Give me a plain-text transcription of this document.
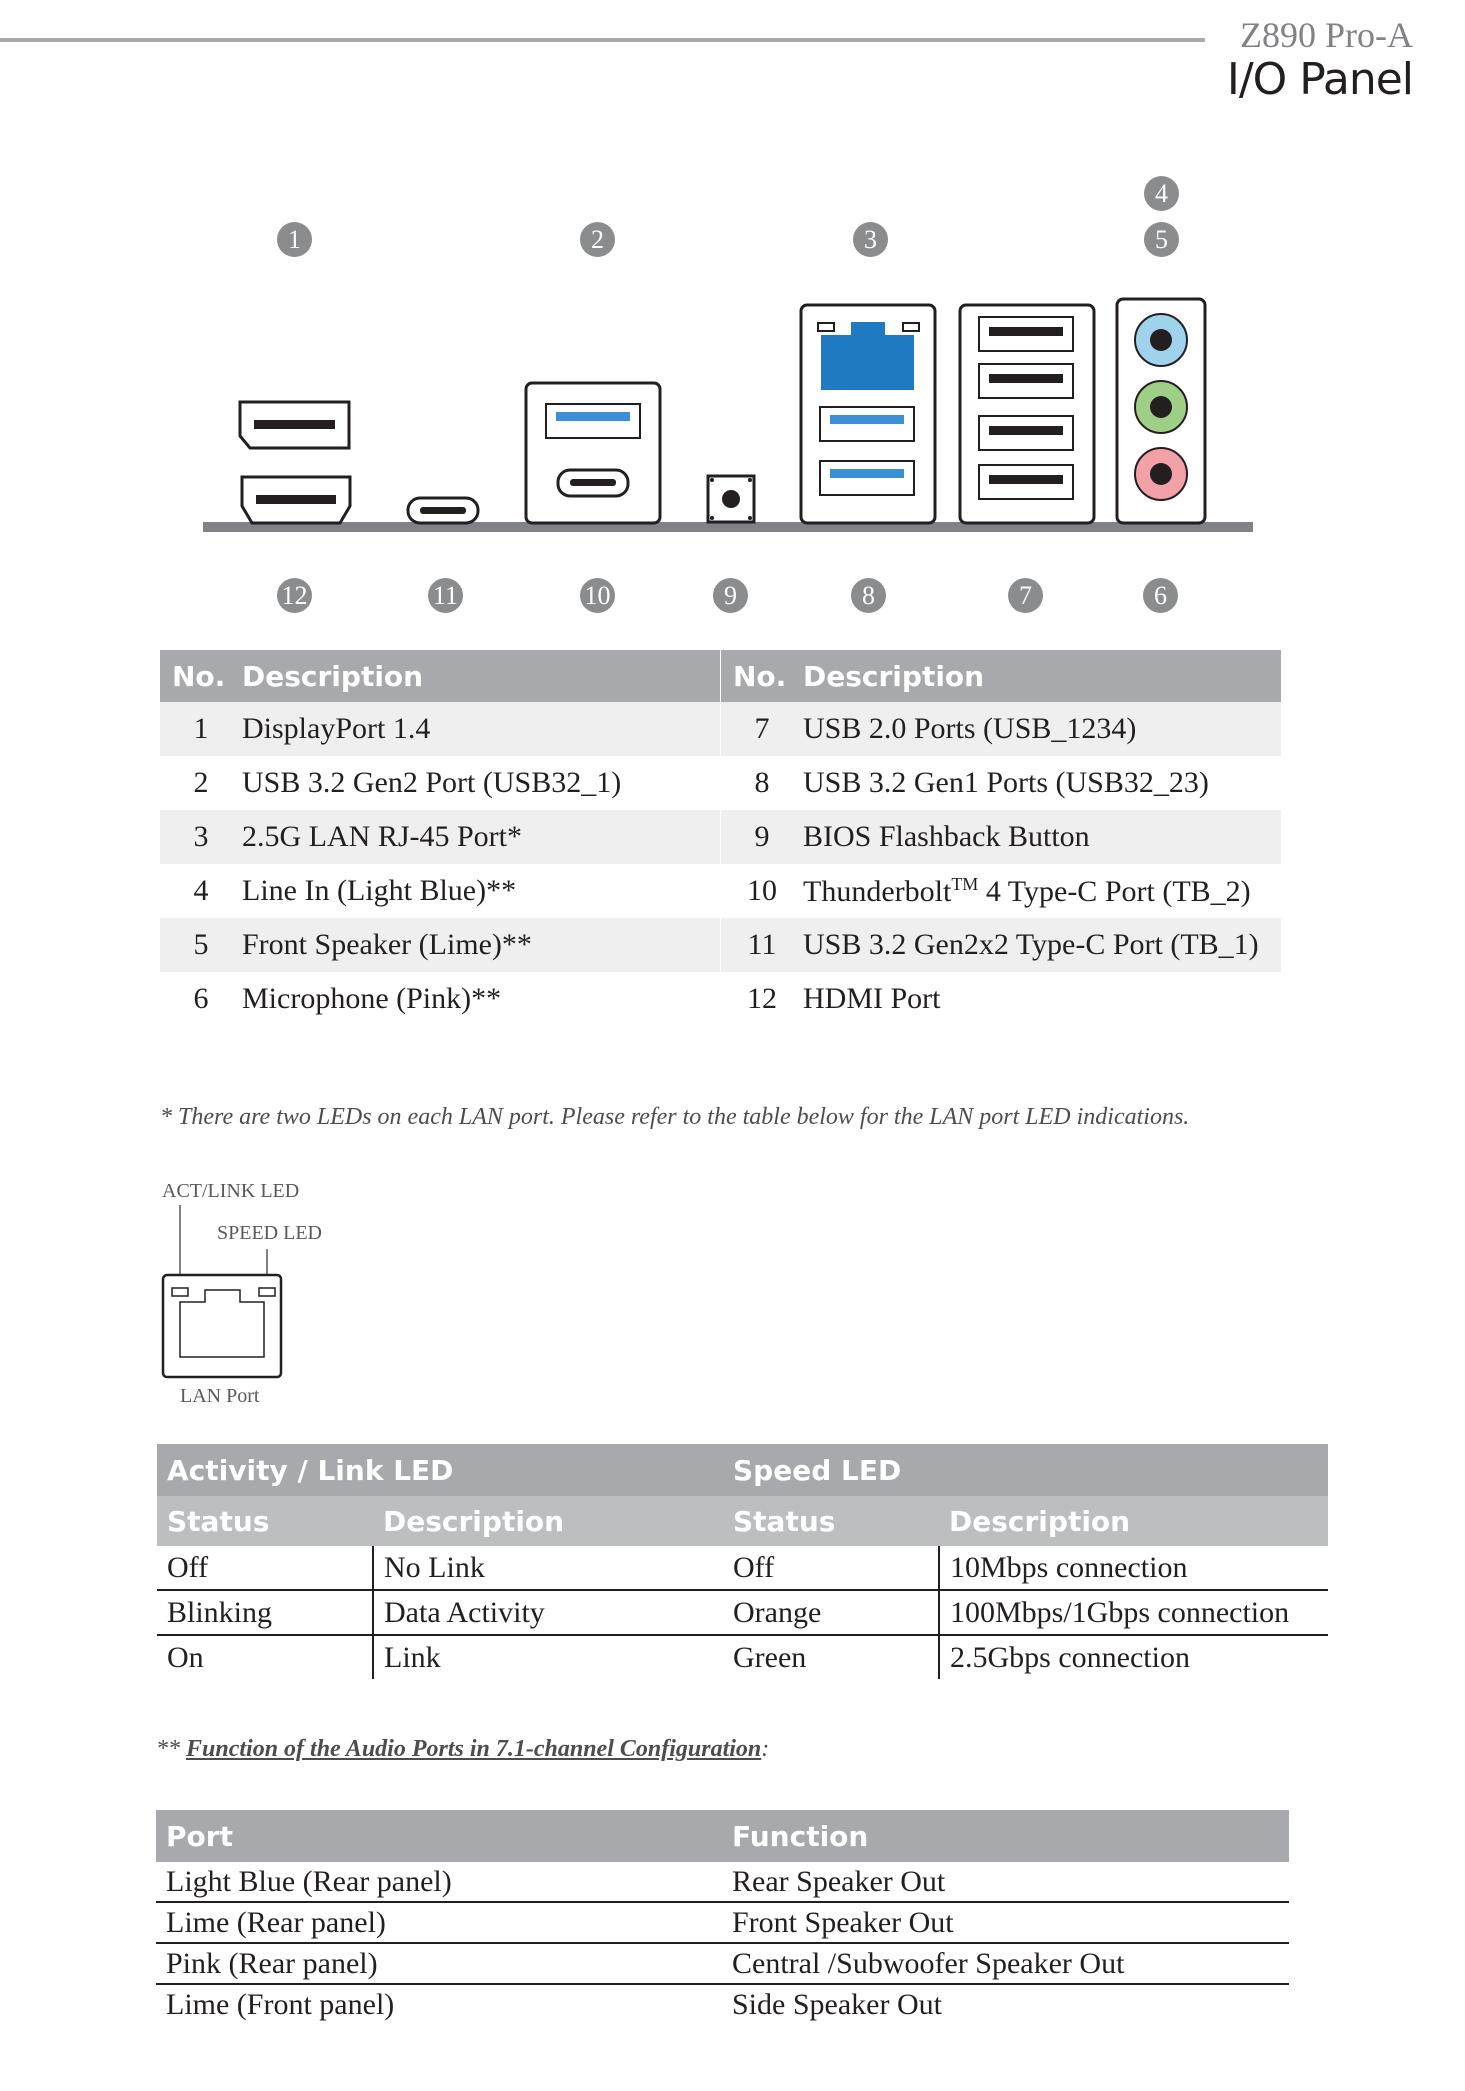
Z890 Pro-A
I/O Panel
1	2	3
4
5
12	11	10	9	8	7	6
No.	Description
1	DisplayPort 1.4
2	USB 3.2 Gen2 Port (USB32_1)
3	2.5G LAN RJ-45 Port*
4	Line In (Light Blue)**
5	Front Speaker (Lime)**
6	Microphone (Pink)**
No.	Description
7	USB 2.0 Ports (USB_1234)
8	USB 3.2 Gen1 Ports (USB32_23)
9	BIOS Flashback Button
10	Thunderbolt™ 4 Type-C Port (TB_2)
11	USB 3.2 Gen2x2 Type-C Port (TB_1)
12	HDMI Port
* There are two LEDs on each LAN port. Please refer to the table below for the LAN port LED indications.
ACT/LINK LED
SPEED LED
LAN Port
Activity / Link LED	
Status	Description
Off	No Link
Blinking	Data Activity
On	Link
Speed LED	
Status	Description
Off	10Mbps connection
Orange	100Mbps/1Gbps connection
Green	2.5Gbps connection
** Function of the Audio Ports in 7.1-channel Configuration:
Port	Function
Light Blue (Rear panel)	Rear Speaker Out
Lime (Rear panel)	Front Speaker Out
Pink (Rear panel)	Central /Subwoofer Speaker Out
Lime (Front panel)	Side Speaker Out
